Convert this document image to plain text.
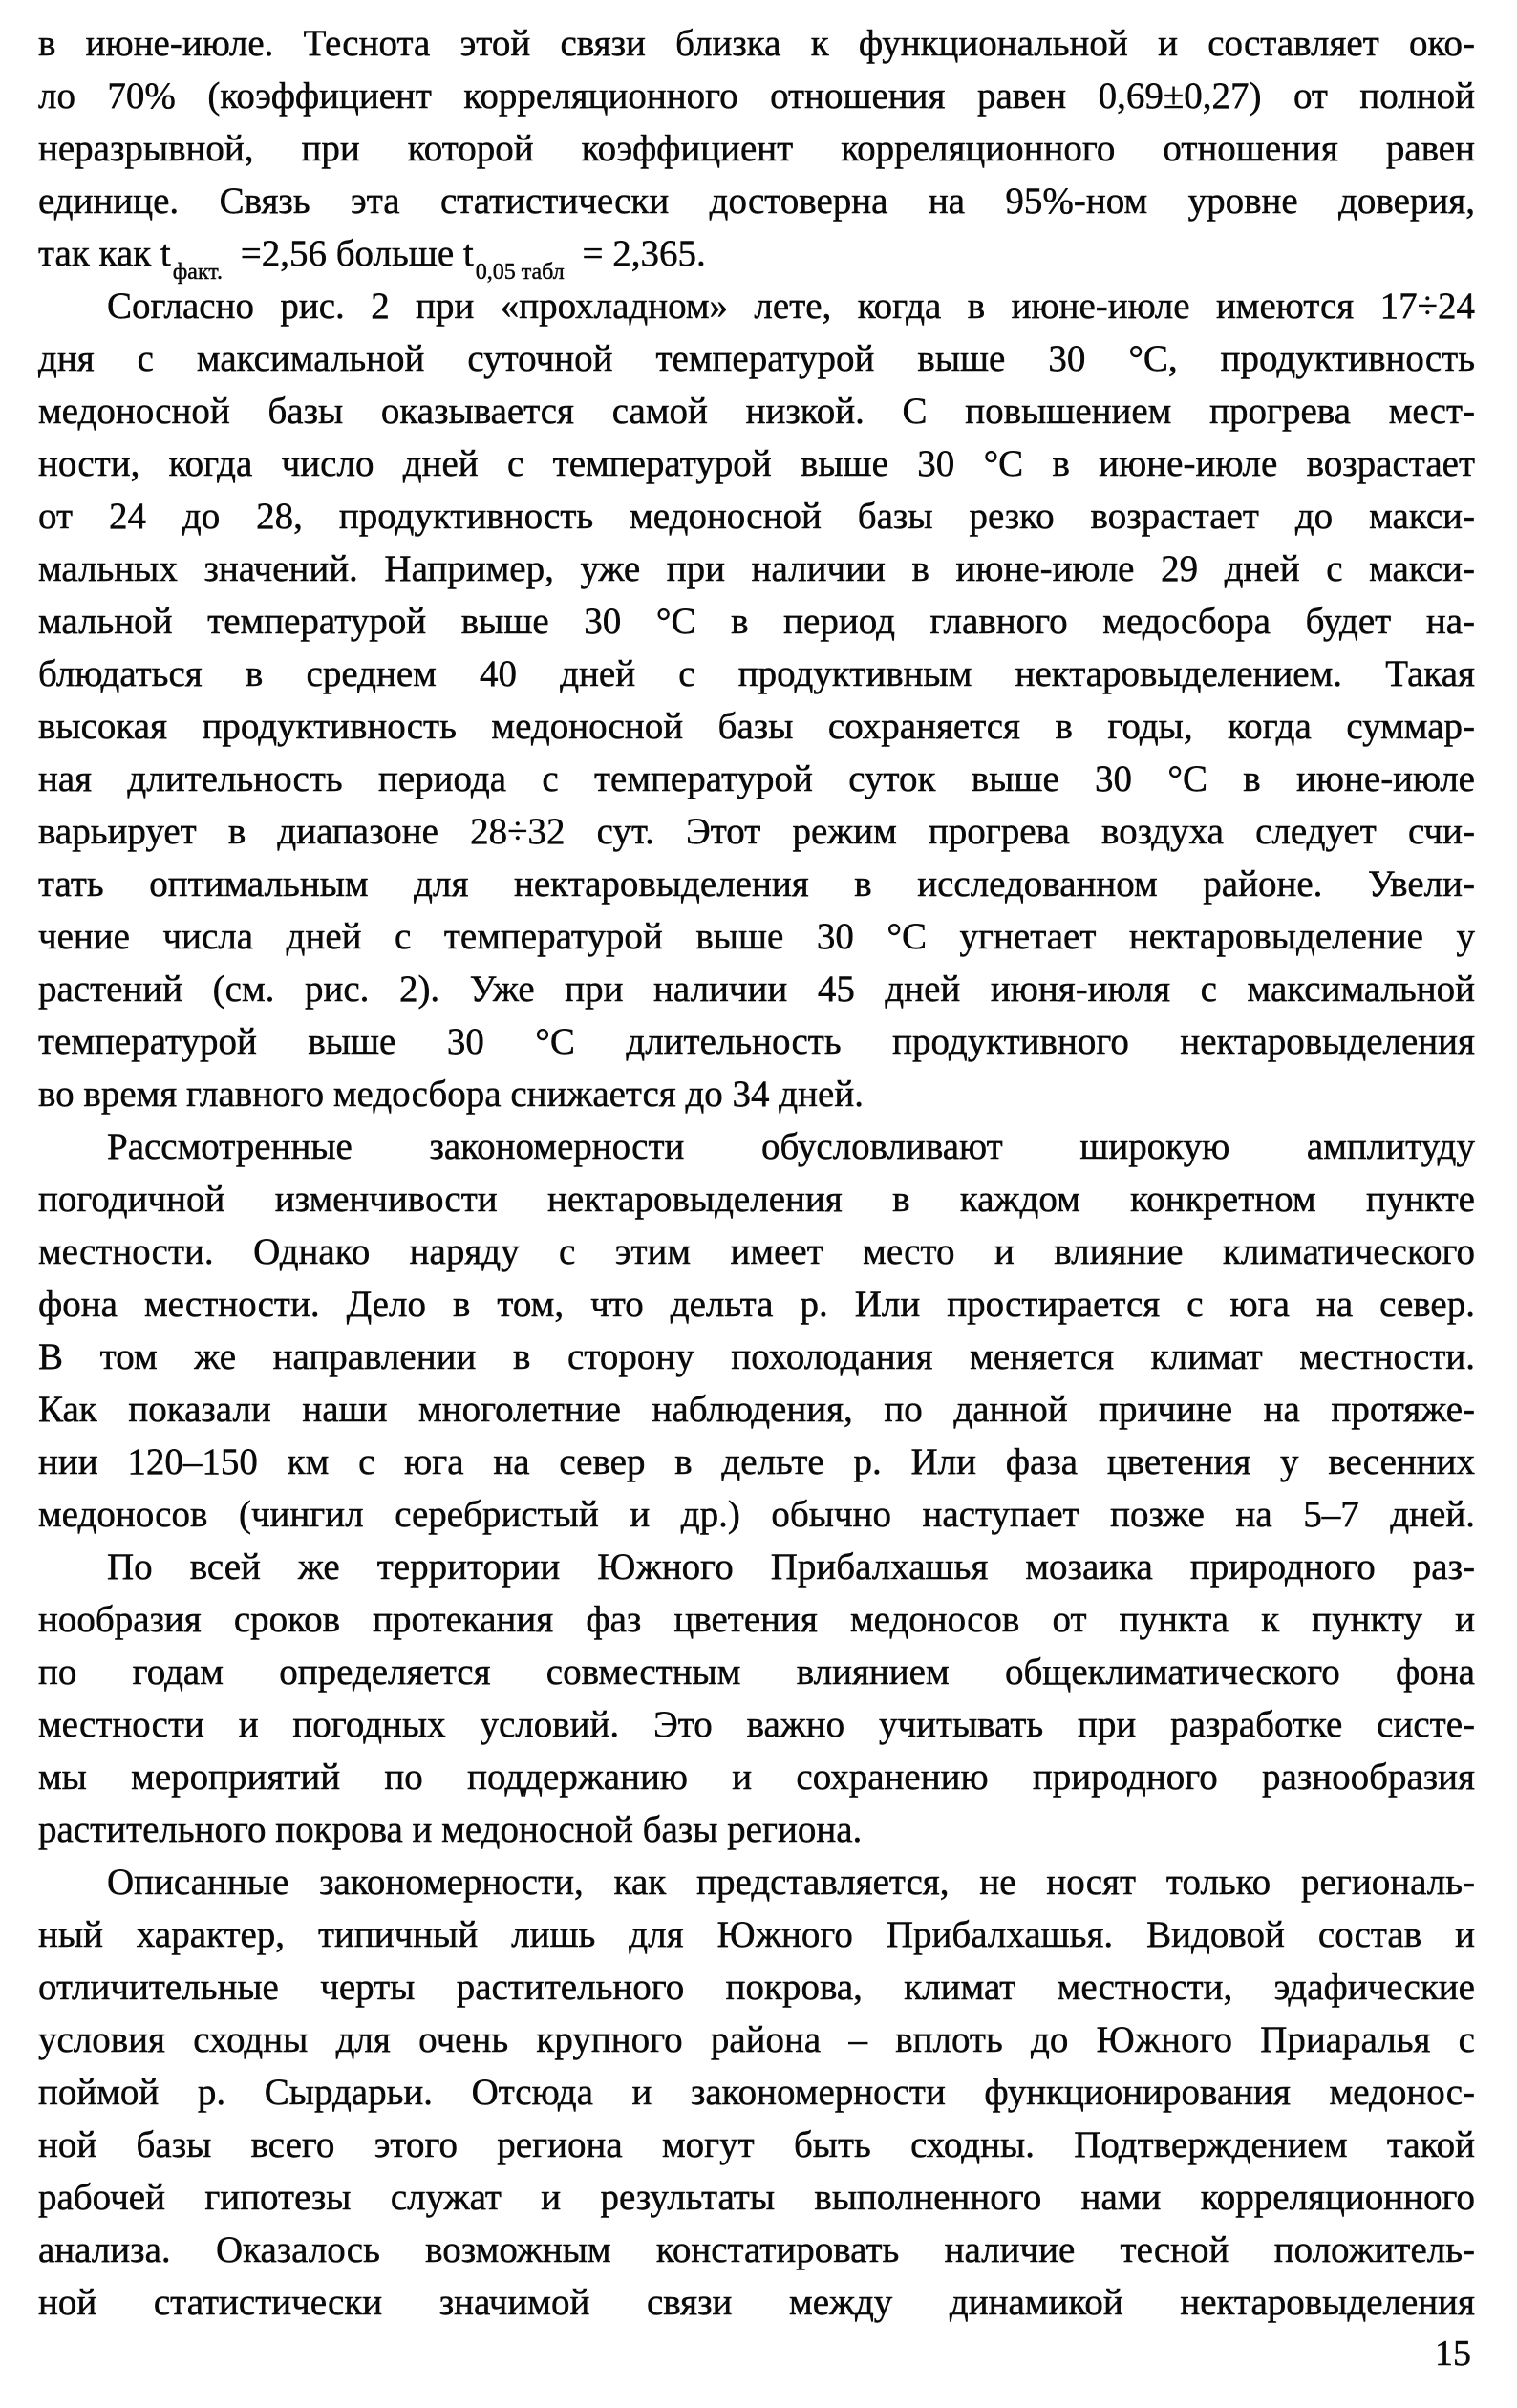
в июне-июле. Теснота этой связи близка к функциональной и составляет око-
ло 70% (коэффициент корреляционного отношения равен 0,69±0,27) от полной
неразрывной, при которой коэффициент корреляционного отношения равен
единице. Связь эта статистически достоверна на 95%-ном уровне доверия,
так как tфакт. =2,56 больше t0,05 табл = 2,365.
Согласно рис. 2 при «прохладном» лете, когда в июне-июле имеются 17÷24
дня с максимальной суточной температурой выше 30 °С, продуктивность
медоносной базы оказывается самой низкой. С повышением прогрева мест-
ности, когда число дней с температурой выше 30 °С в июне-июле возрастает
от 24 до 28, продуктивность медоносной базы резко возрастает до макси-
мальных значений. Например, уже при наличии в июне-июле 29 дней с макси-
мальной температурой выше 30 °С в период главного медосбора будет на-
блюдаться в среднем 40 дней с продуктивным нектаровыделением. Такая
высокая продуктивность медоносной базы сохраняется в годы, когда суммар-
ная длительность периода с температурой суток выше 30 °С в июне-июле
варьирует в диапазоне 28÷32 сут. Этот режим прогрева воздуха следует счи-
тать оптимальным для нектаровыделения в исследованном районе. Увели-
чение числа дней с температурой выше 30 °С угнетает нектаровыделение у
растений (см. рис. 2). Уже при наличии 45 дней июня-июля с максимальной
температурой выше 30 °С длительность продуктивного нектаровыделения
во время главного медосбора снижается до 34 дней.
Рассмотренные закономерности обусловливают широкую амплитуду
погодичной изменчивости нектаровыделения в каждом конкретном пункте
местности. Однако наряду с этим имеет место и влияние климатического
фона местности. Дело в том, что дельта р. Или простирается с юга на север.
В том же направлении в сторону похолодания меняется климат местности.
Как показали наши многолетние наблюдения, по данной причине на протяже-
нии 120–150 км с юга на север в дельте р. Или фаза цветения у весенних
медоносов (чингил серебристый и др.) обычно наступает позже на 5–7 дней.
По всей же территории Южного Прибалхашья мозаика природного раз-
нообразия сроков протекания фаз цветения медоносов от пункта к пункту и
по годам определяется совместным влиянием общеклиматического фона
местности и погодных условий. Это важно учитывать при разработке систе-
мы мероприятий по поддержанию и сохранению природного разнообразия
растительного покрова и медоносной базы региона.
Описанные закономерности, как представляется, не носят только региональ-
ный характер, типичный лишь для Южного Прибалхашья. Видовой состав и
отличительные черты растительного покрова, климат местности, эдафические
условия сходны для очень крупного района – вплоть до Южного Приаралья с
поймой р. Сырдарьи. Отсюда и закономерности функционирования медонос-
ной базы всего этого региона могут быть сходны. Подтверждением такой
рабочей гипотезы служат и результаты выполненного нами корреляционного
анализа. Оказалось возможным констатировать наличие тесной положитель-
ной статистически значимой связи между динамикой нектаровыделения
15
